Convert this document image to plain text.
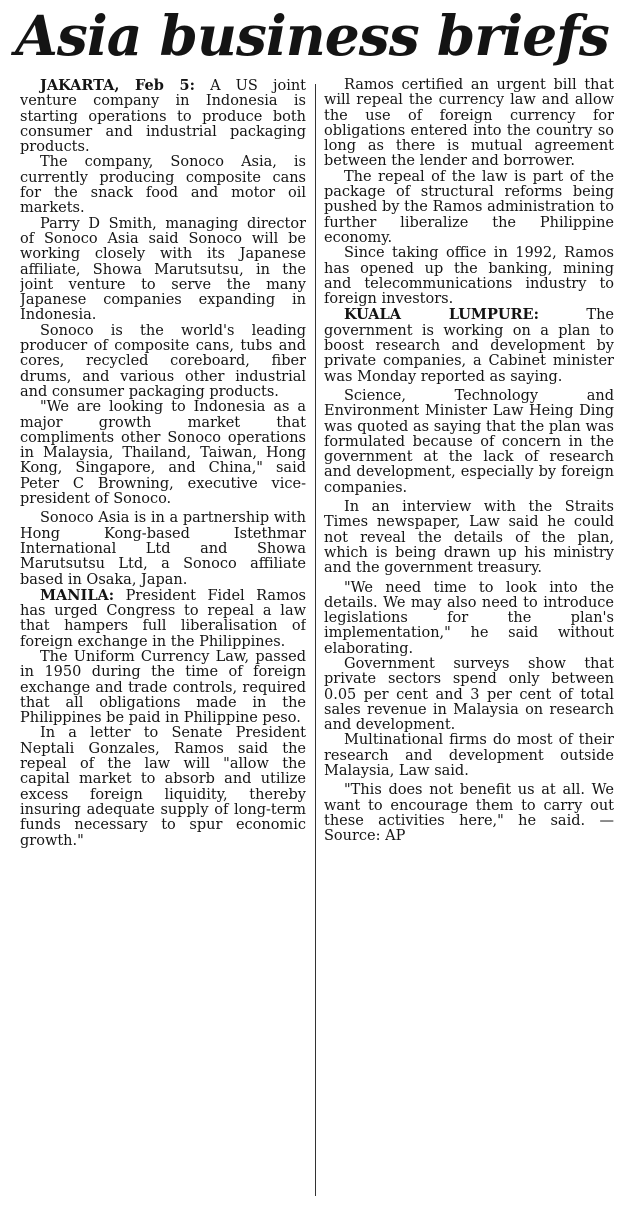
Asia business briefs

JAKARTA, Feb 5: A US joint venture company in Indonesia is starting operations to produce both consumer and industrial packaging products.

The company, Sonoco Asia, is currently producing composite cans for the snack food and motor oil markets.

Parry D Smith, managing director of Sonoco Asia said Sonoco will be working closely with its Japanese affiliate, Showa Marutsutsu, in the joint venture to serve the many Japanese companies expanding in Indonesia.

Sonoco is the world's leading producer of composite cans, tubs and cores, recycled coreboard, fiber drums, and various other industrial and consumer packaging products.

"We are looking to Indonesia as a major growth market that compliments other Sonoco operations in Malaysia, Thailand, Taiwan, Hong Kong, Singapore, and China," said Peter C Browning, executive vice-president of Sonoco.

Sonoco Asia is in a partnership with Hong Kong-based Istethmar International Ltd and Showa Marutsutsu Ltd, a Sonoco affiliate based in Osaka, Japan.

MANILA: President Fidel Ramos has urged Congress to repeal a law that hampers full liberalisation of foreign exchange in the Philippines.

The Uniform Currency Law, passed in 1950 during the time of foreign exchange and trade controls, required that all obligations made in the Philippines be paid in Philippine peso.

In a letter to Senate President Neptali Gonzales, Ramos said the repeal of the law will "allow the capital market to absorb and utilize excess foreign liquidity, thereby insuring adequate supply of long-term funds necessary to spur economic growth."

Ramos certified an urgent bill that will repeal the currency law and allow the use of foreign currency for obligations entered into the country so long as there is mutual agreement between the lender and borrower.

The repeal of the law is part of the package of structural reforms being pushed by the Ramos administration to further liberalize the Philippine economy.

Since taking office in 1992, Ramos has opened up the banking, mining and telecommunications industry to foreign investors.

KUALA LUMPURE: The government is working on a plan to boost research and development by private companies, a Cabinet minister was Monday reported as saying.

Science, Technology and Environment Minister Law Heing Ding was quoted as saying that the plan was formulated because of concern in the government at the lack of research and development, especially by foreign companies.

In an interview with the Straits Times newspaper, Law said he could not reveal the details of the plan, which is being drawn up his ministry and the government treasury.

"We need time to look into the details. We may also need to introduce legislations for the plan's implementation," he said without elaborating.

Government surveys show that private sectors spend only between 0.05 per cent and 3 per cent of total sales revenue in Malaysia on research and development.

Multinational firms do most of their research and development outside Malaysia, Law said.

"This does not benefit us at all. We want to encourage them to carry out these activities here," he said. — Source: AP
